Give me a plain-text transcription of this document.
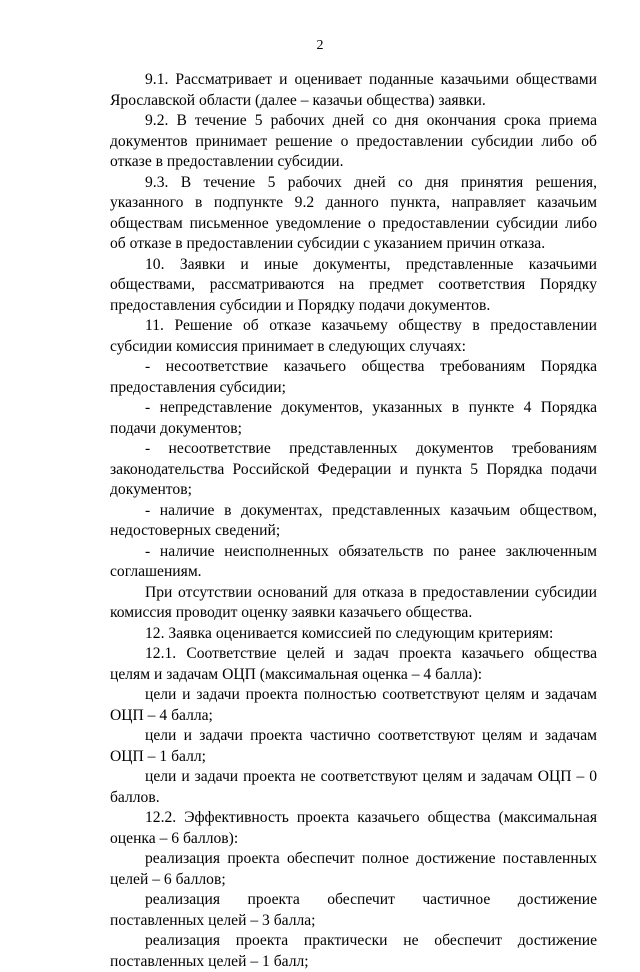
2

9.1. Рассматривает и оценивает поданные казачьими обществами Ярославской области (далее – казачьи общества) заявки.

9.2. В течение 5 рабочих дней со дня окончания срока приема документов принимает решение о предоставлении субсидии либо об отказе в предоставлении субсидии.

9.3. В течение 5 рабочих дней со дня принятия решения, указанного в подпункте 9.2 данного пункта, направляет казачьим обществам письменное уведомление о предоставлении субсидии либо об отказе в предоставлении субсидии с указанием причин отказа.

10. Заявки и иные документы, представленные казачьими обществами, рассматриваются на предмет соответствия Порядку предоставления субсидии и Порядку подачи документов.

11. Решение об отказе казачьему обществу в предоставлении субсидии комиссия принимает в следующих случаях:

- несоответствие казачьего общества требованиям Порядка предоставления субсидии;

- непредставление документов, указанных в пункте 4 Порядка подачи документов;

- несоответствие представленных документов требованиям законодательства Российской Федерации и пункта 5 Порядка подачи документов;

- наличие в документах, представленных казачьим обществом, недостоверных сведений;

- наличие неисполненных обязательств по ранее заключенным соглашениям.

При отсутствии оснований для отказа в предоставлении субсидии комиссия проводит оценку заявки казачьего общества.

12. Заявка оценивается комиссией по следующим критериям:

12.1. Соответствие целей и задач проекта казачьего общества целям и задачам ОЦП (максимальная оценка – 4 балла):

цели и задачи проекта полностью соответствуют целям и задачам ОЦП – 4 балла;

цели и задачи проекта частично соответствуют целям и задачам ОЦП – 1 балл;

цели и задачи проекта не соответствуют целям и задачам ОЦП – 0 баллов.

12.2. Эффективность проекта казачьего общества (максимальная оценка – 6 баллов):

реализация проекта обеспечит полное достижение поставленных целей – 6 баллов;

реализация проекта обеспечит частичное достижение поставленных целей – 3 балла;

реализация проекта практически не обеспечит достижение поставленных целей – 1 балл;
